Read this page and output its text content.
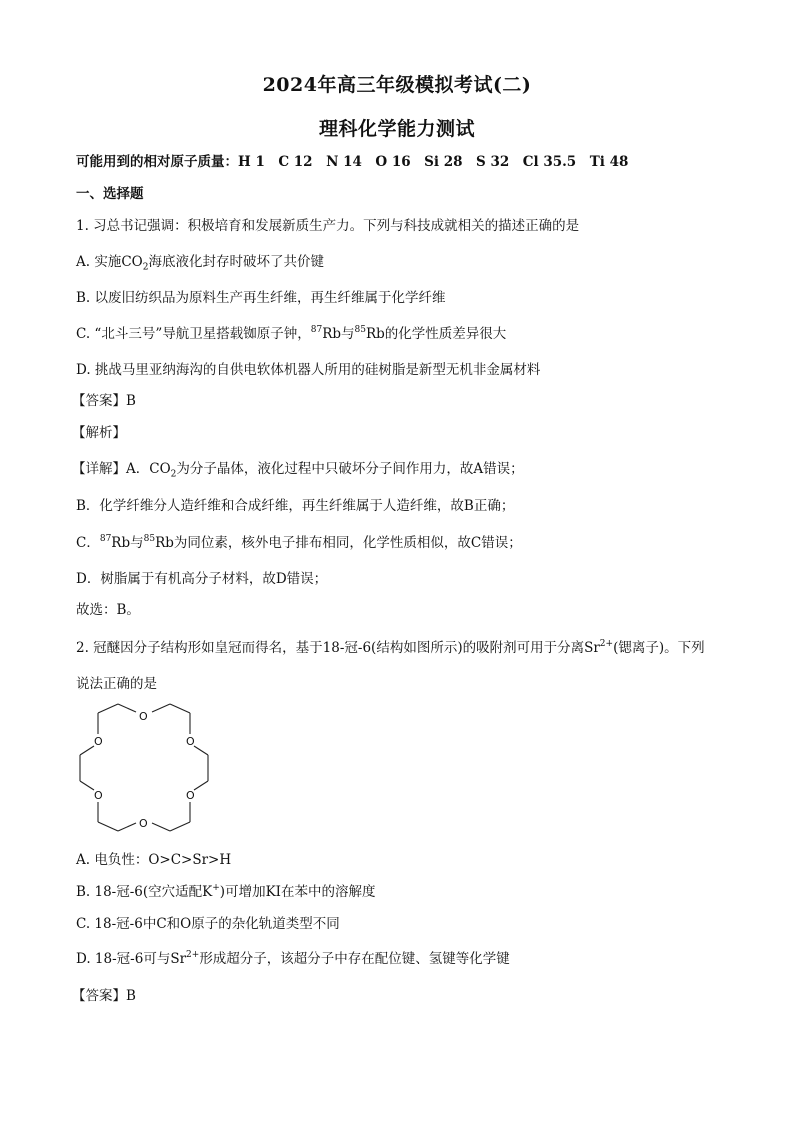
2024年高三年级模拟考试(二)
理科化学能力测试
可能用到的相对原子质量：H 1　C 12　N 14　O 16　Si 28　S 32　Cl 35.5　Ti 48
一、选择题
1. 习总书记强调：积极培育和发展新质生产力。下列与科技成就相关的描述正确的是
A. 实施$CO_2$海底液化封存时破坏了共价键
B. 以废旧纺织品为原料生产再生纤维，再生纤维属于化学纤维
C. “北斗三号”导航卫星搭载铷原子钟，$^{87}$Rb与$^{85}$Rb的化学性质差异很大
D. 挑战马里亚纳海沟的自供电软体机器人所用的硅树脂是新型无机非金属材料
【答案】B
【解析】
【详解】A．$CO_2$为分子晶体，液化过程中只破坏分子间作用力，故A错误；
B．化学纤维分人造纤维和合成纤维，再生纤维属于人造纤维，故B正确；
C．$^{87}$Rb与$^{85}$Rb为同位素，核外电子排布相同，化学性质相似，故C错误；
D．树脂属于有机高分子材料，故D错误；
故选：B。
2. 冠醚因分子结构形如皇冠而得名，基于18-冠-6(结构如图所示)的吸附剂可用于分离$Sr^{2+}$(锶离子)。下列
说法正确的是
O
O	O
O	O
O
A. 电负性：O>C>Sr>H
B. 18-冠-6(空穴适配K+)可增加KI在苯中的溶解度
C. 18-冠-6中C和O原子的杂化轨道类型不同
D. 18-冠-6可与$Sr^{2+}$形成超分子，该超分子中存在配位键、氢键等化学键
【答案】B
